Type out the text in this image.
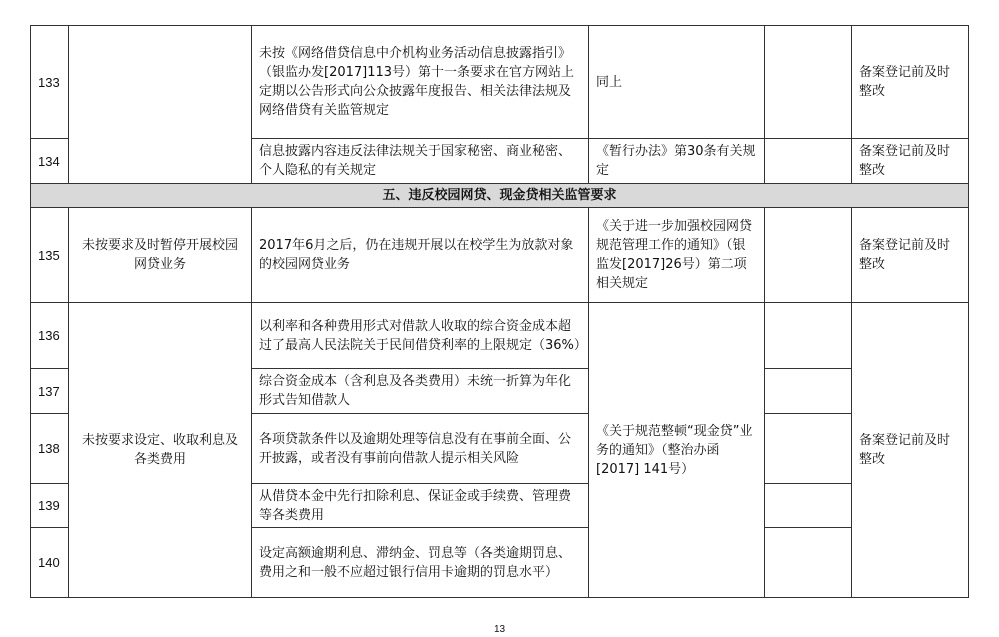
133		未按《网络借贷信息中介机构业务活动信息披露指引》（银监办发[2017]113号）第十一条要求在官方网站上定期以公告形式向公众披露年度报告、相关法律法规及网络借贷有关监管规定	同上		备案登记前及时整改
134		信息披露内容违反法律法规关于国家秘密、商业秘密、个人隐私的有关规定	《暂行办法》第30条有关规定		备案登记前及时整改
五、违反校园网贷、现金贷相关监管要求					
135	未按要求及时暂停开展校园网贷业务	2017年6月之后，仍在违规开展以在校学生为放款对象的校园网贷业务	《关于进一步加强校园网贷规范管理工作的通知》（银监发[2017]26号）第二项相关规定		备案登记前及时整改
136	未按要求设定、收取利息及各类费用	以利率和各种费用形式对借款人收取的综合资金成本超过了最高人民法院关于民间借贷利率的上限规定（36%）	《关于规范整顿“现金贷”业务的通知》（整治办函[2017] 141号）		备案登记前及时整改
137		综合资金成本（含利息及各类费用）未统一折算为年化形式告知借款人			
138		各项贷款条件以及逾期处理等信息没有在事前全面、公开披露，或者没有事前向借款人提示相关风险			
139		从借贷本金中先行扣除利息、保证金或手续费、管理费等各类费用			
140		设定高额逾期利息、滞纳金、罚息等（各类逾期罚息、费用之和一般不应超过银行信用卡逾期的罚息水平）			
13
